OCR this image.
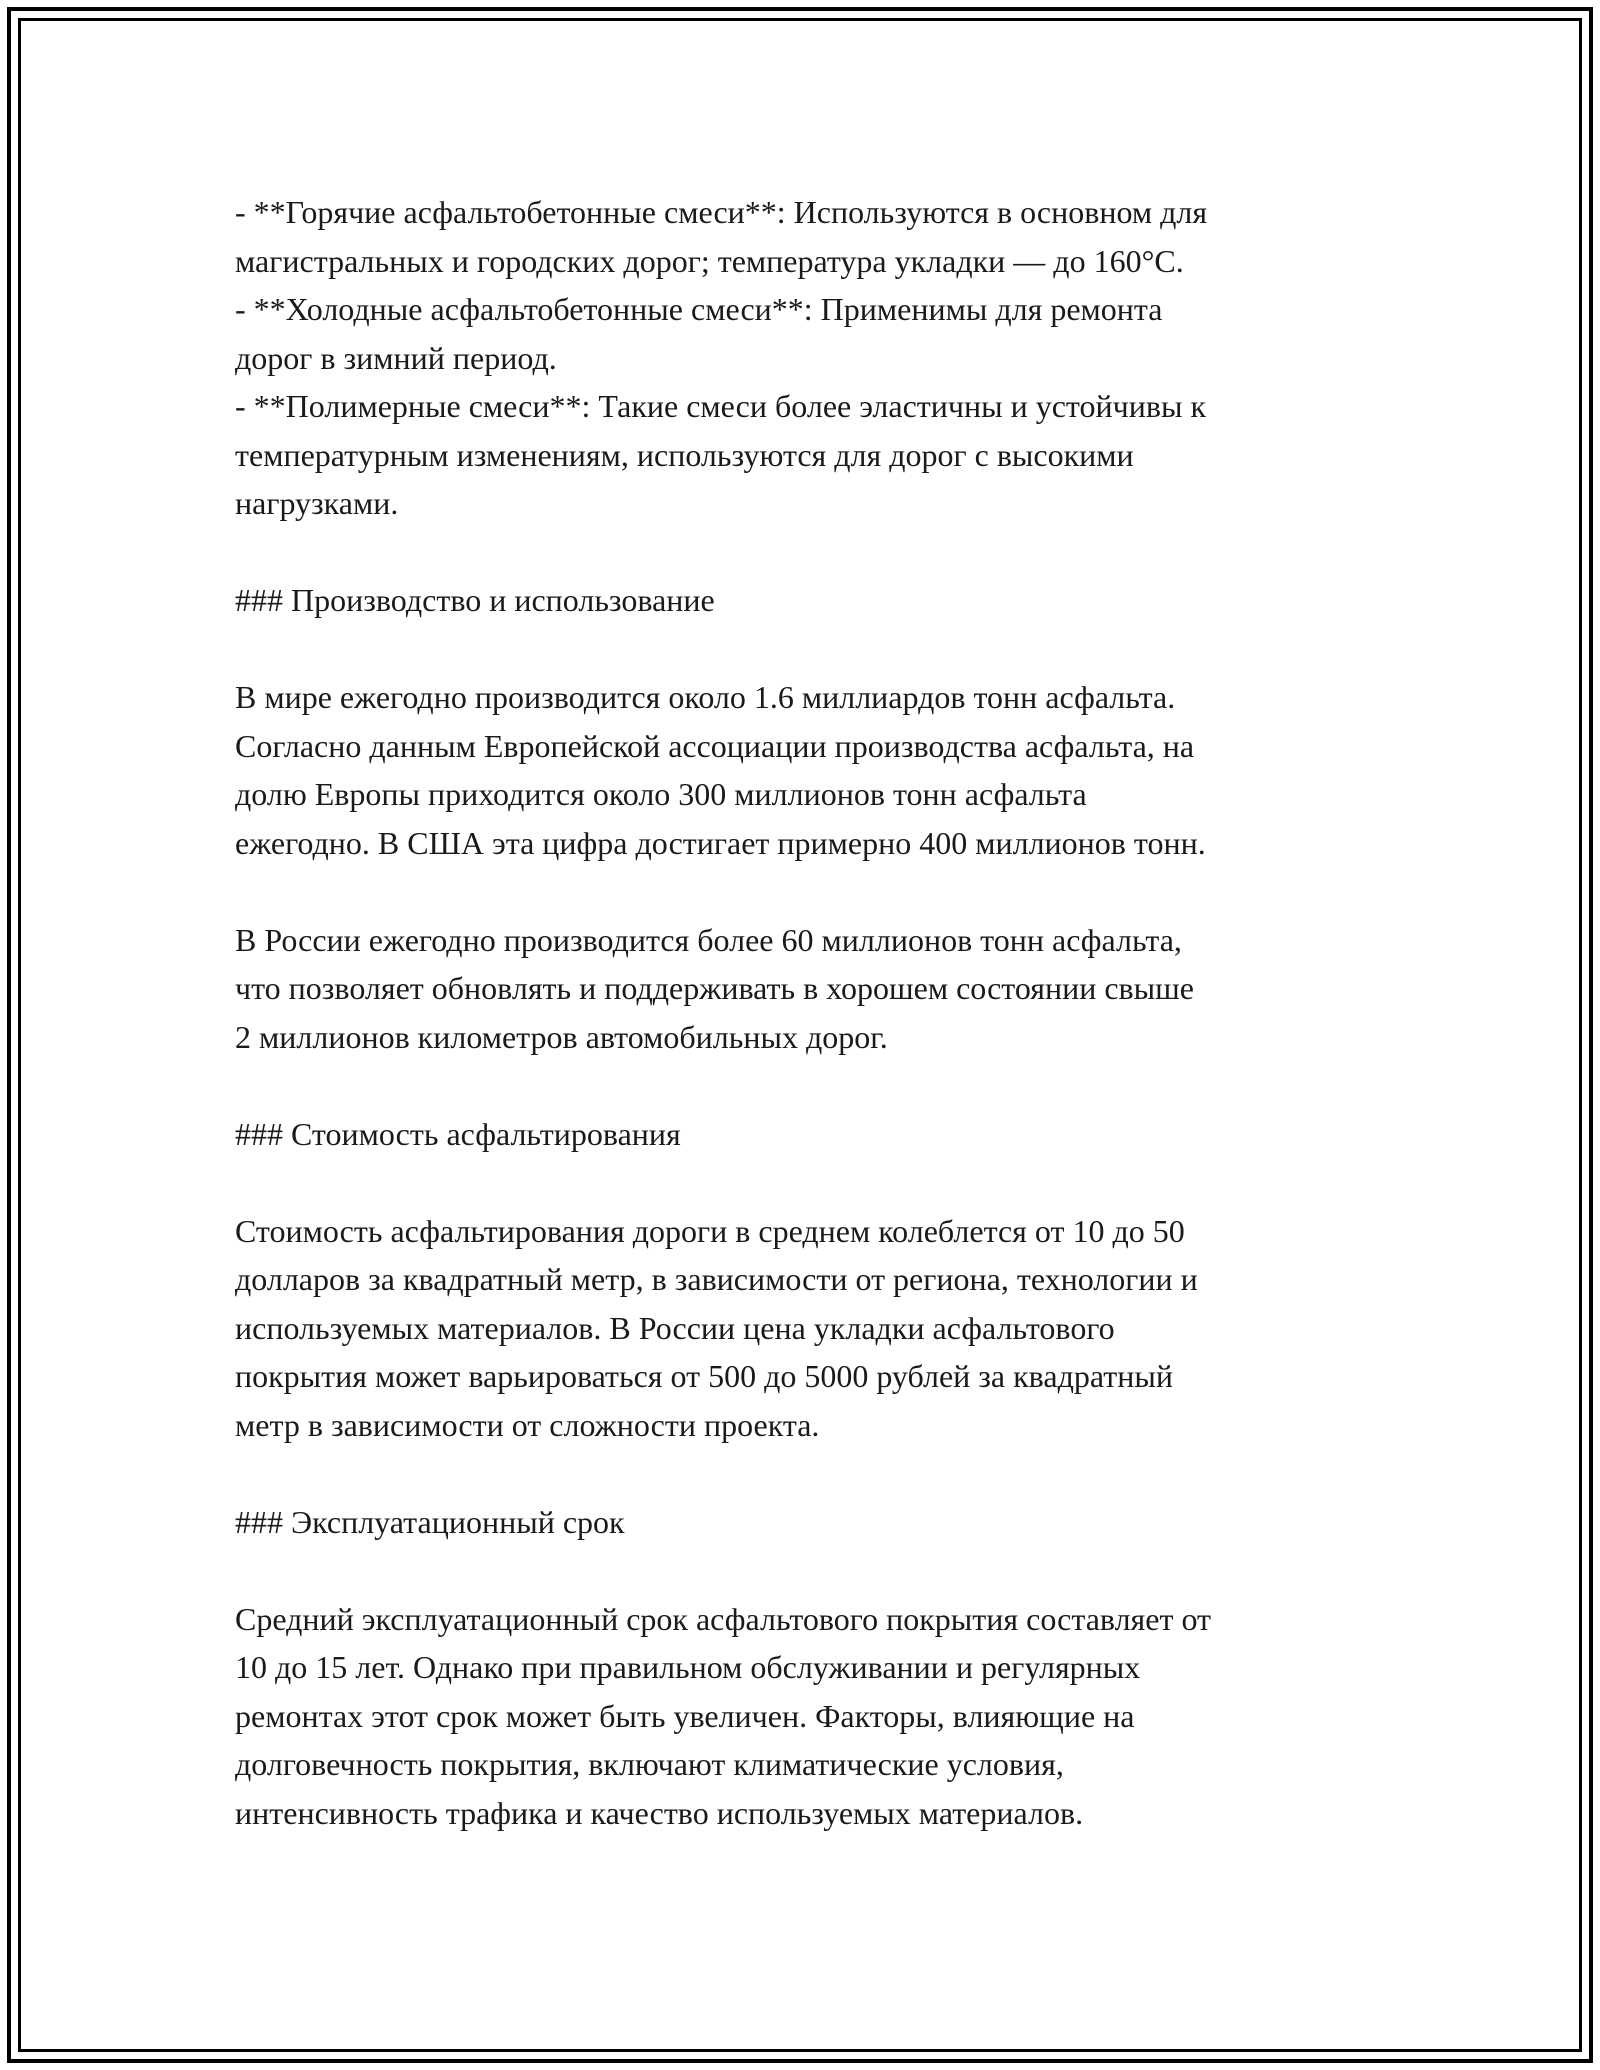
- **Горячие асфальтобетонные смеси**: Используются в основном для
магистральных и городских дорог; температура укладки — до 160°C.
- **Холодные асфальтобетонные смеси**: Применимы для ремонта
дорог в зимний период.
- **Полимерные смеси**: Такие смеси более эластичны и устойчивы к
температурным изменениям, используются для дорог с высокими
нагрузками.
### Производство и использование
В мире ежегодно производится около 1.6 миллиардов тонн асфальта.
Согласно данным Европейской ассоциации производства асфальта, на
долю Европы приходится около 300 миллионов тонн асфальта
ежегодно. В США эта цифра достигает примерно 400 миллионов тонн.
В России ежегодно производится более 60 миллионов тонн асфальта,
что позволяет обновлять и поддерживать в хорошем состоянии свыше
2 миллионов километров автомобильных дорог.
### Стоимость асфальтирования
Стоимость асфальтирования дороги в среднем колеблется от 10 до 50
долларов за квадратный метр, в зависимости от региона, технологии и
используемых материалов. В России цена укладки асфальтового
покрытия может варьироваться от 500 до 5000 рублей за квадратный
метр в зависимости от сложности проекта.
### Эксплуатационный срок
Средний эксплуатационный срок асфальтового покрытия составляет от
10 до 15 лет. Однако при правильном обслуживании и регулярных
ремонтах этот срок может быть увеличен. Факторы, влияющие на
долговечность покрытия, включают климатические условия,
интенсивность трафика и качество используемых материалов.
